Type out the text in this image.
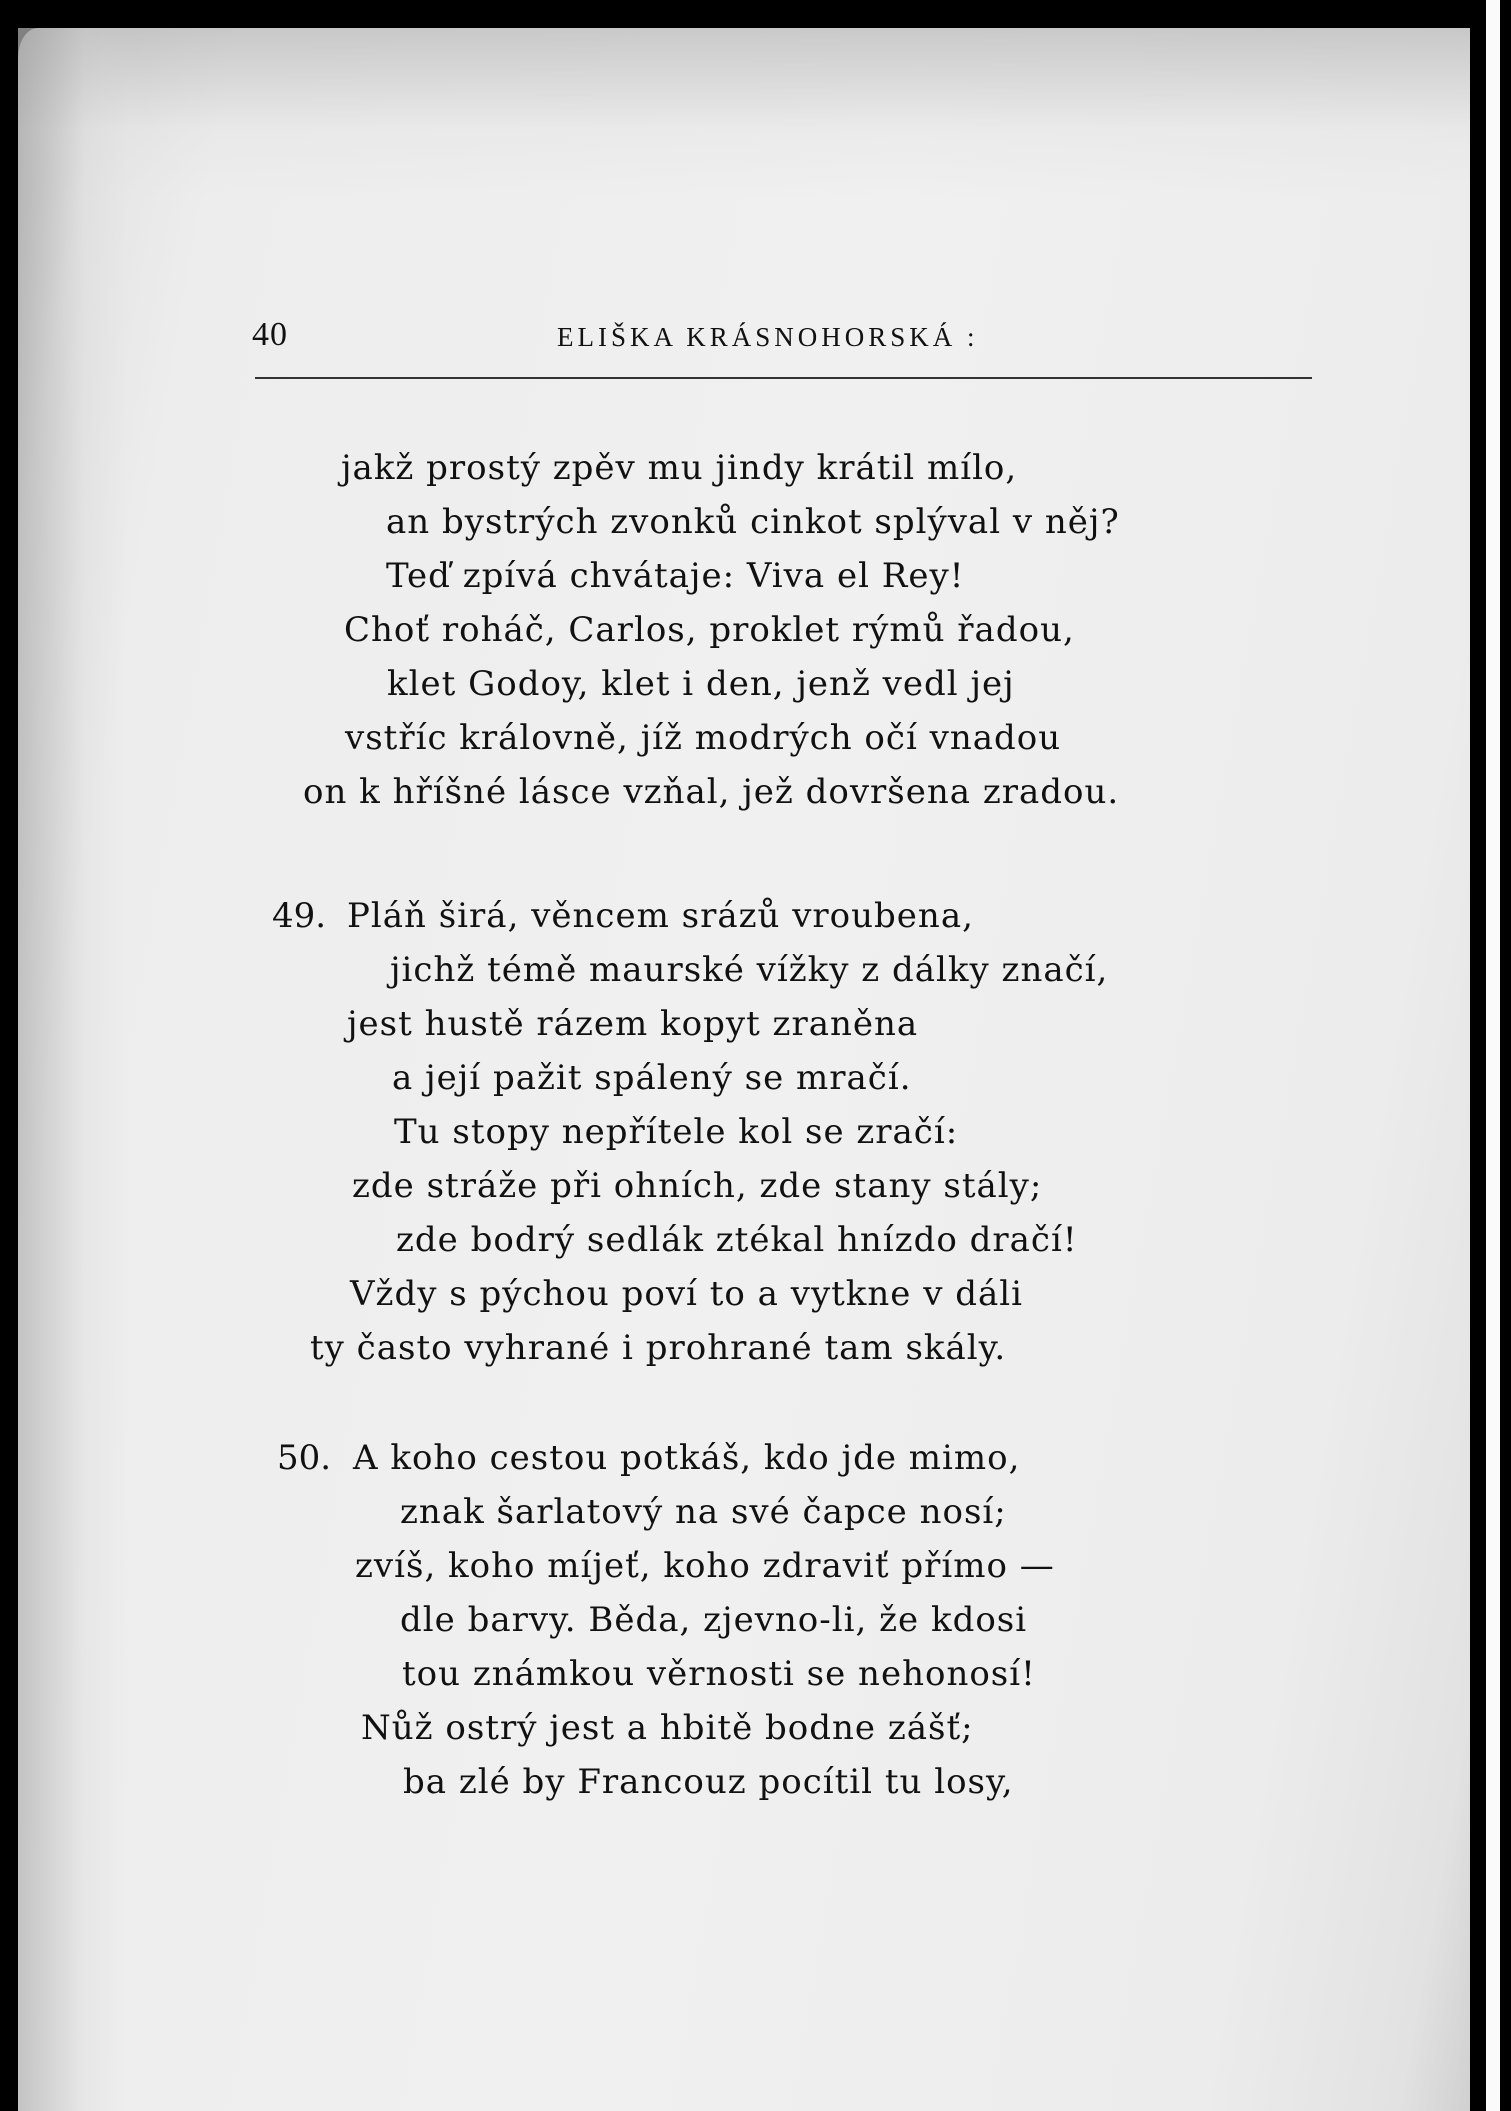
40	ELIŠKA KRÁSNOHORSKÁ :
jakž prostý zpěv mu jindy krátil mílo,
an bystrých zvonků cinkot splýval v něj?
Teď zpívá chvátaje: Viva el Rey!
Choť roháč, Carlos, proklet rýmů řadou,
klet Godoy, klet i den, jenž vedl jej
vstříc královně, jíž modrých očí vnadou
on k hříšné lásce vzňal, jež dovršena zradou.
49. Pláň širá, věncem srázů vroubena,
jichž témě maurské vížky z dálky značí,
jest hustě rázem kopyt zraněna
a její pažit spálený se mračí.
Tu stopy nepřítele kol se zračí:
zde stráže při ohních, zde stany stály;
zde bodrý sedlák ztékal hnízdo dračí!
Vždy s pýchou poví to a vytkne v dáli
ty často vyhrané i prohrané tam skály.
50. A koho cestou potkáš, kdo jde mimo,
znak šarlatový na své čapce nosí;
zvíš, koho míjeť, koho zdraviť přímo —
dle barvy. Běda, zjevno-li, že kdosi
tou známkou věrnosti se nehonosí!
Nůž ostrý jest a hbitě bodne zášť;
ba zlé by Francouz pocítil tu losy,
